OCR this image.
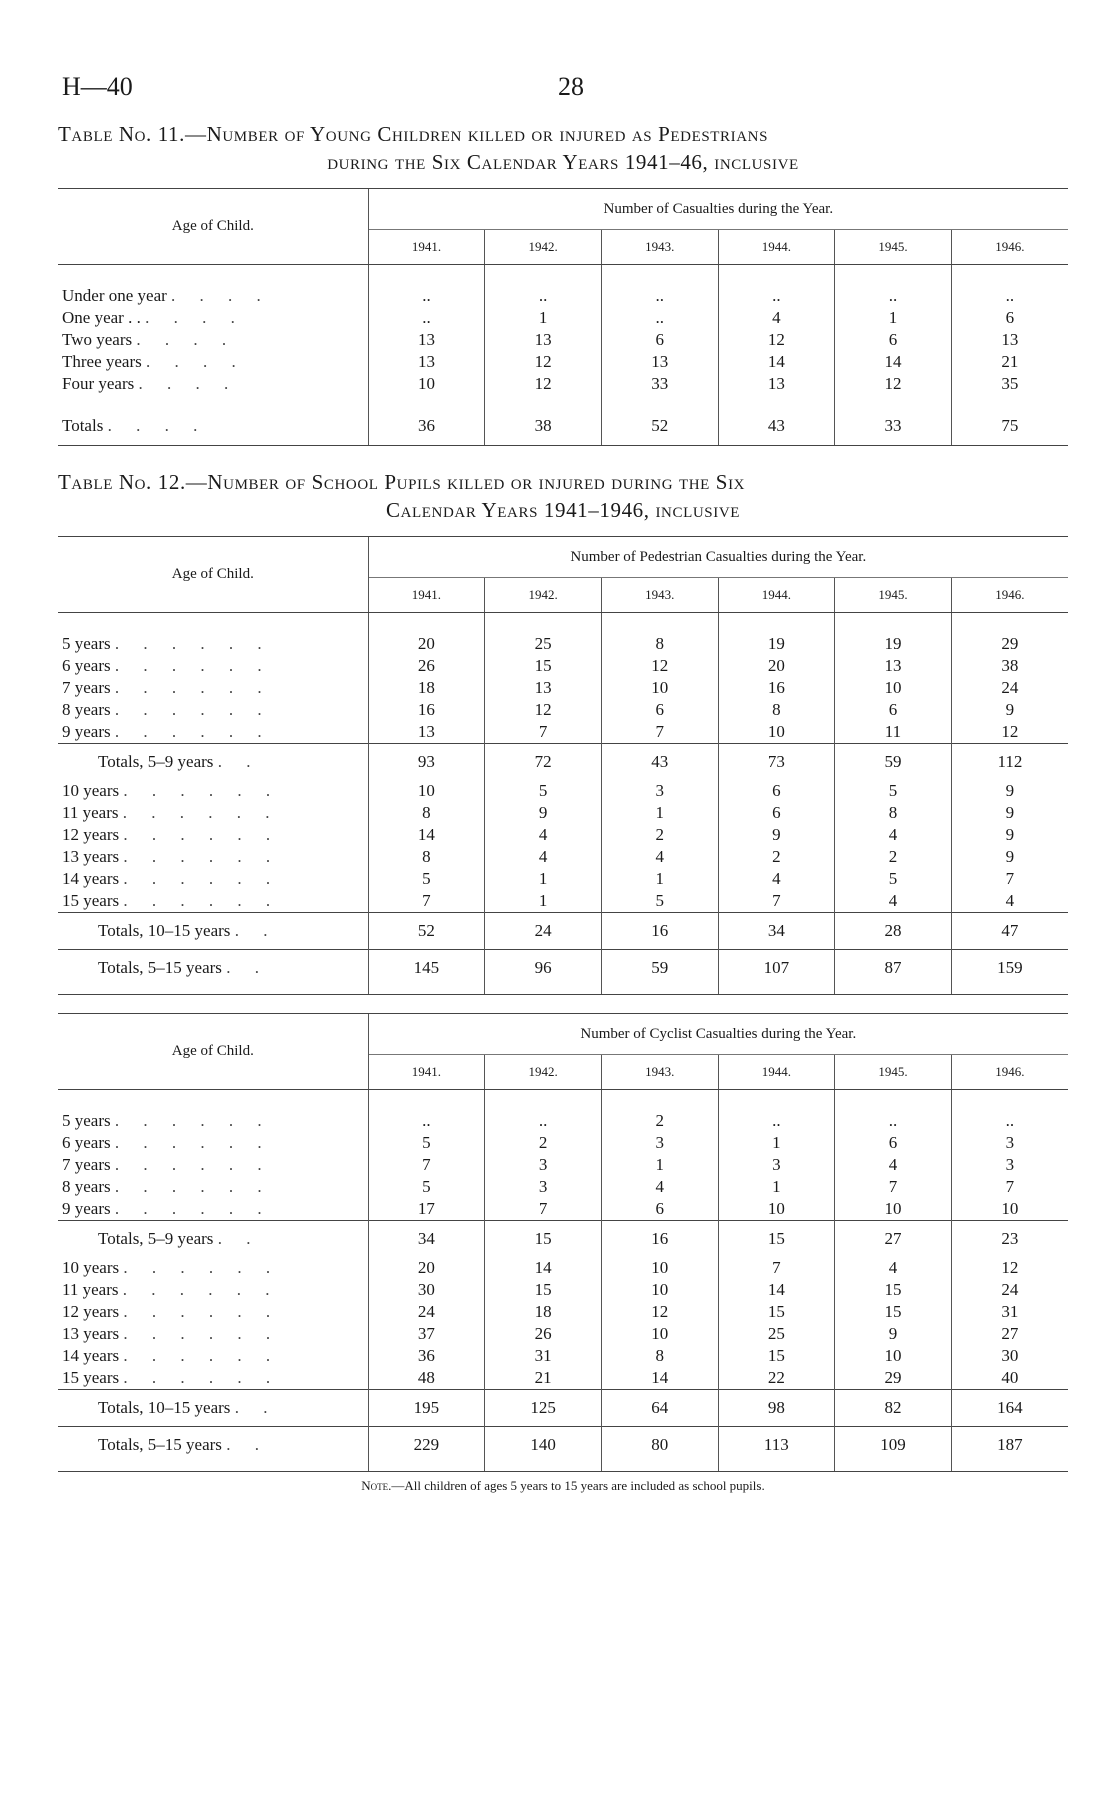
H—40	28
Table No. 11.—Number of Young Children killed or injured as Pedestrians
during the Six Calendar Years 1941–46, inclusive
Age of Child.	Number of Casualties during the Year.					
	1941.	1942.	1943.	1944.	1945.	1946.

Under one year . . . .	..	..	..	..	..	..
One year . . . . . .	..	1	..	4	1	6
Two years . . . .	13	13	6	12	6	13
Three years . . . .	13	12	13	14	14	21
Four years . . . .	10	12	33	13	12	35

Totals . . . .	36	38	52	43	33	75

Table No. 12.—Number of School Pupils killed or injured during the Six
Calendar Years 1941–1946, inclusive
Age of Child.	Number of Pedestrian Casualties during the Year.					
	1941.	1942.	1943.	1944.	1945.	1946.

5 years . . . . . .	20	25	8	19	19	29
6 years . . . . . .	26	15	12	20	13	38
7 years . . . . . .	18	13	10	16	10	24
8 years . . . . . .	16	12	6	8	6	9
9 years . . . . . .	13	7	7	10	11	12
Totals, 5–9 years . .	93	72	43	73	59	112
10 years . . . . . .	10	5	3	6	5	9
11 years . . . . . .	8	9	1	6	8	9
12 years . . . . . .	14	4	2	9	4	9
13 years . . . . . .	8	4	4	2	2	9
14 years . . . . . .	5	1	1	4	5	7
15 years . . . . . .	7	1	5	7	4	4
Totals, 10–15 years . .	52	24	16	34	28	47
Totals, 5–15 years . .	145	96	59	107	87	159

Age of Child.	Number of Cyclist Casualties during the Year.					
	1941.	1942.	1943.	1944.	1945.	1946.

5 years . . . . . .	..	..	2	..	..	..
6 years . . . . . .	5	2	3	1	6	3
7 years . . . . . .	7	3	1	3	4	3
8 years . . . . . .	5	3	4	1	7	7
9 years . . . . . .	17	7	6	10	10	10
Totals, 5–9 years . .	34	15	16	15	27	23
10 years . . . . . .	20	14	10	7	4	12
11 years . . . . . .	30	15	10	14	15	24
12 years . . . . . .	24	18	12	15	15	31
13 years . . . . . .	37	26	10	25	9	27
14 years . . . . . .	36	31	8	15	10	30
15 years . . . . . .	48	21	14	22	29	40
Totals, 10–15 years . .	195	125	64	98	82	164
Totals, 5–15 years . .	229	140	80	113	109	187

Note.—All children of ages 5 years to 15 years are included as school pupils.
